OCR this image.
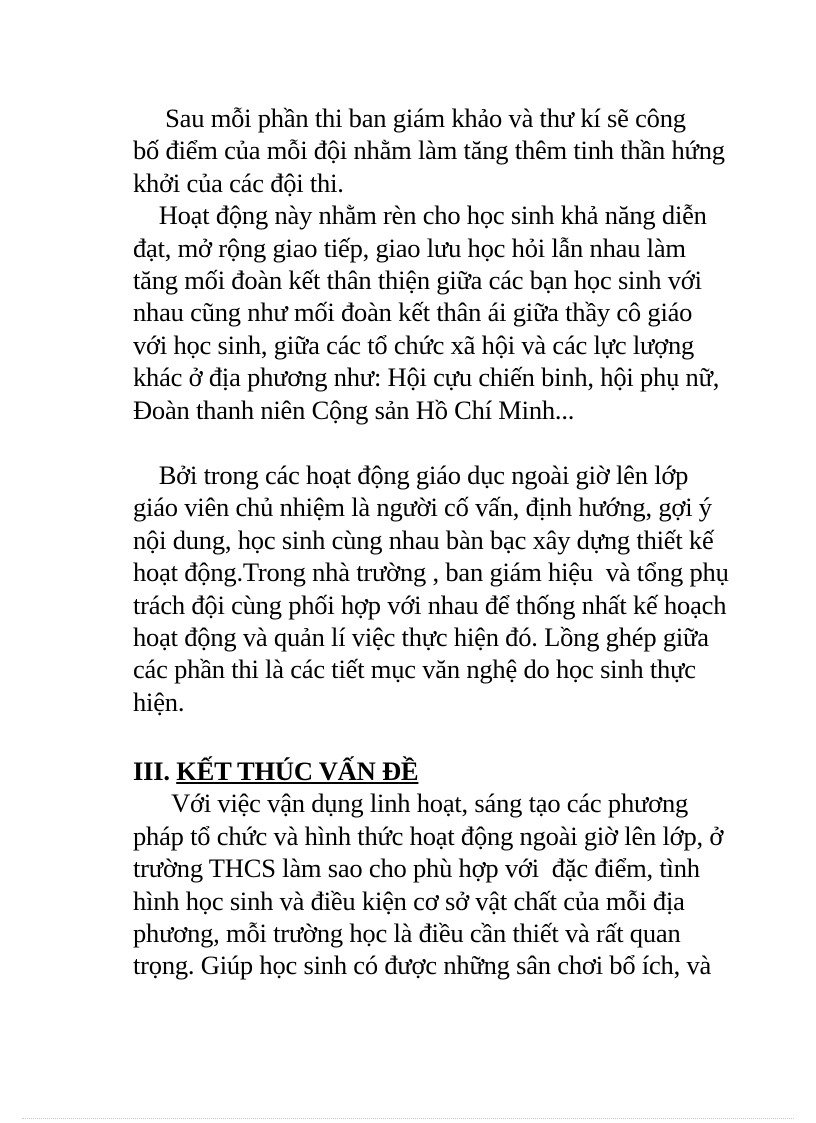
Sau mỗi phần thi ban giám khảo và thư kí sẽ công
bố điểm của mỗi đội nhằm làm tăng thêm tinh thần hứng
khởi của các đội thi.
Hoạt động này nhằm rèn cho học sinh khả năng diễn
đạt, mở rộng giao tiếp, giao lưu học hỏi lẫn nhau làm
tăng mối đoàn kết thân thiện giữa các bạn học sinh với
nhau cũng như mối đoàn kết thân ái giữa thầy cô giáo
với học sinh, giữa các tổ chức xã hội và các lực lượng
khác ở địa phương như: Hội cựu chiến binh, hội phụ nữ,
Đoàn thanh niên Cộng sản Hồ Chí Minh...
Bởi trong các hoạt động giáo dục ngoài giờ lên lớp
giáo viên chủ nhiệm là người cố vấn, định hướng, gợi ý
nội dung, học sinh cùng nhau bàn bạc xây dựng thiết kế
hoạt động.Trong nhà trường , ban giám hiệu  và tổng phụ
trách đội cùng phối hợp với nhau để thống nhất kế hoạch
hoạt động và quản lí việc thực hiện đó. Lồng ghép giữa
các phần thi là các tiết mục văn nghệ do học sinh thực
hiện.
III. KẾT THÚC VẤN ĐỀ
Với việc vận dụng linh hoạt, sáng tạo các phương
pháp tổ chức và hình thức hoạt động ngoài giờ lên lớp, ở
trường THCS làm sao cho phù hợp với  đặc điểm, tình
hình học sinh và điều kiện cơ sở vật chất của mỗi địa
phương, mỗi trường học là điều cần thiết và rất quan
trọng. Giúp học sinh có được những sân chơi bổ ích, và
